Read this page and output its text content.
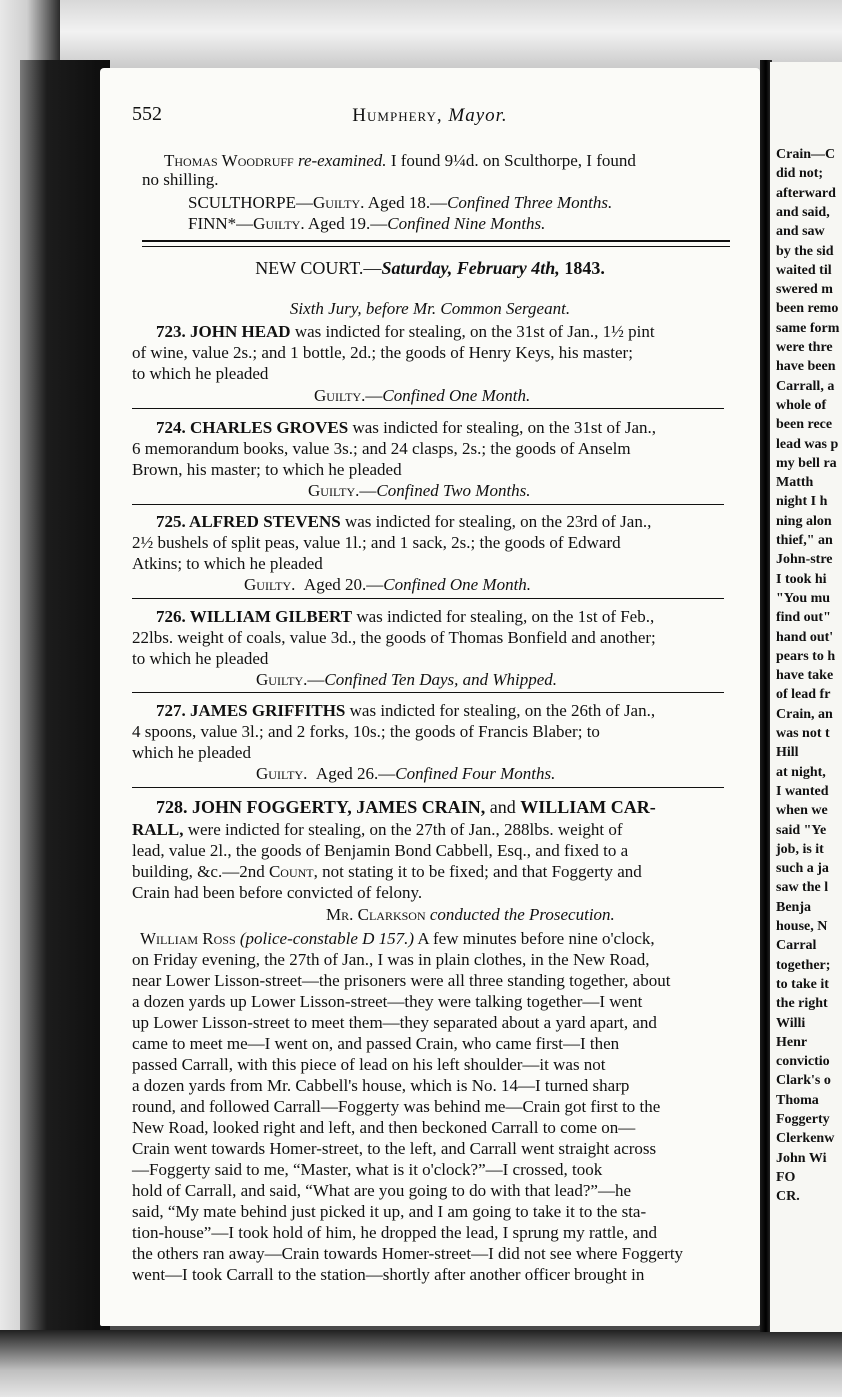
552	Humphery, Mayor.
Thomas Woodruff re-examined. I found 9¼d. on Sculthorpe, I found
no shilling.
SCULTHORPE—Guilty. Aged 18.—Confined Three Months.
FINN*—Guilty. Aged 19.—Confined Nine Months.
NEW COURT.—Saturday, February 4th, 1843.
Sixth Jury, before Mr. Common Sergeant.
723. JOHN HEAD was indicted for stealing, on the 31st of Jan., 1½ pint
of wine, value 2s.; and 1 bottle, 2d.; the goods of Henry Keys, his master;
to which he pleaded
Guilty.—Confined One Month.
724. CHARLES GROVES was indicted for stealing, on the 31st of Jan.,
6 memorandum books, value 3s.; and 24 clasps, 2s.; the goods of Anselm
Brown, his master; to which he pleaded
Guilty.—Confined Two Months.
725. ALFRED STEVENS was indicted for stealing, on the 23rd of Jan.,
2½ bushels of split peas, value 1l.; and 1 sack, 2s.; the goods of Edward
Atkins; to which he pleaded
Guilty. Aged 20.—Confined One Month.
726. WILLIAM GILBERT was indicted for stealing, on the 1st of Feb.,
22lbs. weight of coals, value 3d., the goods of Thomas Bonfield and another;
to which he pleaded
Guilty.—Confined Ten Days, and Whipped.
727. JAMES GRIFFITHS was indicted for stealing, on the 26th of Jan.,
4 spoons, value 3l.; and 2 forks, 10s.; the goods of Francis Blaber; to
which he pleaded
Guilty. Aged 26.—Confined Four Months.
728. JOHN FOGGERTY, JAMES CRAIN, and WILLIAM CAR-
RALL, were indicted for stealing, on the 27th of Jan., 288lbs. weight of
lead, value 2l., the goods of Benjamin Bond Cabbell, Esq., and fixed to a
building, &c.—2nd Count, not stating it to be fixed; and that Foggerty and
Crain had been before convicted of felony.
Mr. Clarkson conducted the Prosecution.
William Ross (police-constable D 157.) A few minutes before nine o'clock,
on Friday evening, the 27th of Jan., I was in plain clothes, in the New Road,
near Lower Lisson-street—the prisoners were all three standing together, about
a dozen yards up Lower Lisson-street—they were talking together—I went
up Lower Lisson-street to meet them—they separated about a yard apart, and
came to meet me—I went on, and passed Crain, who came first—I then
passed Carrall, with this piece of lead on his left shoulder—it was not
a dozen yards from Mr. Cabbell's house, which is No. 14—I turned sharp
round, and followed Carrall—Foggerty was behind me—Crain got first to the
New Road, looked right and left, and then beckoned Carrall to come on—
Crain went towards Homer-street, to the left, and Carrall went straight across
—Foggerty said to me, “Master, what is it o'clock?”—I crossed, took
hold of Carrall, and said, “What are you going to do with that lead?”—he
said, “My mate behind just picked it up, and I am going to take it to the sta-
tion-house”—I took hold of him, he dropped the lead, I sprung my rattle, and
the others ran away—Crain towards Homer-street—I did not see where Foggerty
went—I took Carrall to the station—shortly after another officer brought in
Crain—C
did not;
afterward
and said,
and saw
by the sid
waited til
swered m
been remo
same form
were thre
have been
Carrall, a
whole of
been rece
lead was p
my bell ra
Matth
night I h
ning alon
thief," an
John-stre
I took hi
"You mu
find out"
hand out'
pears to h
have take
of lead fr
Crain, an
was not t
Hill
at night,
I wanted
when we
said "Ye
job, is it
such a ja
saw the l
Benja
house, N
Carral
together;
to take it
the right
Willi
Henr
convictio
Clark's o
Thoma
Foggerty
Clerkenw
John Wi
FO
CR.
